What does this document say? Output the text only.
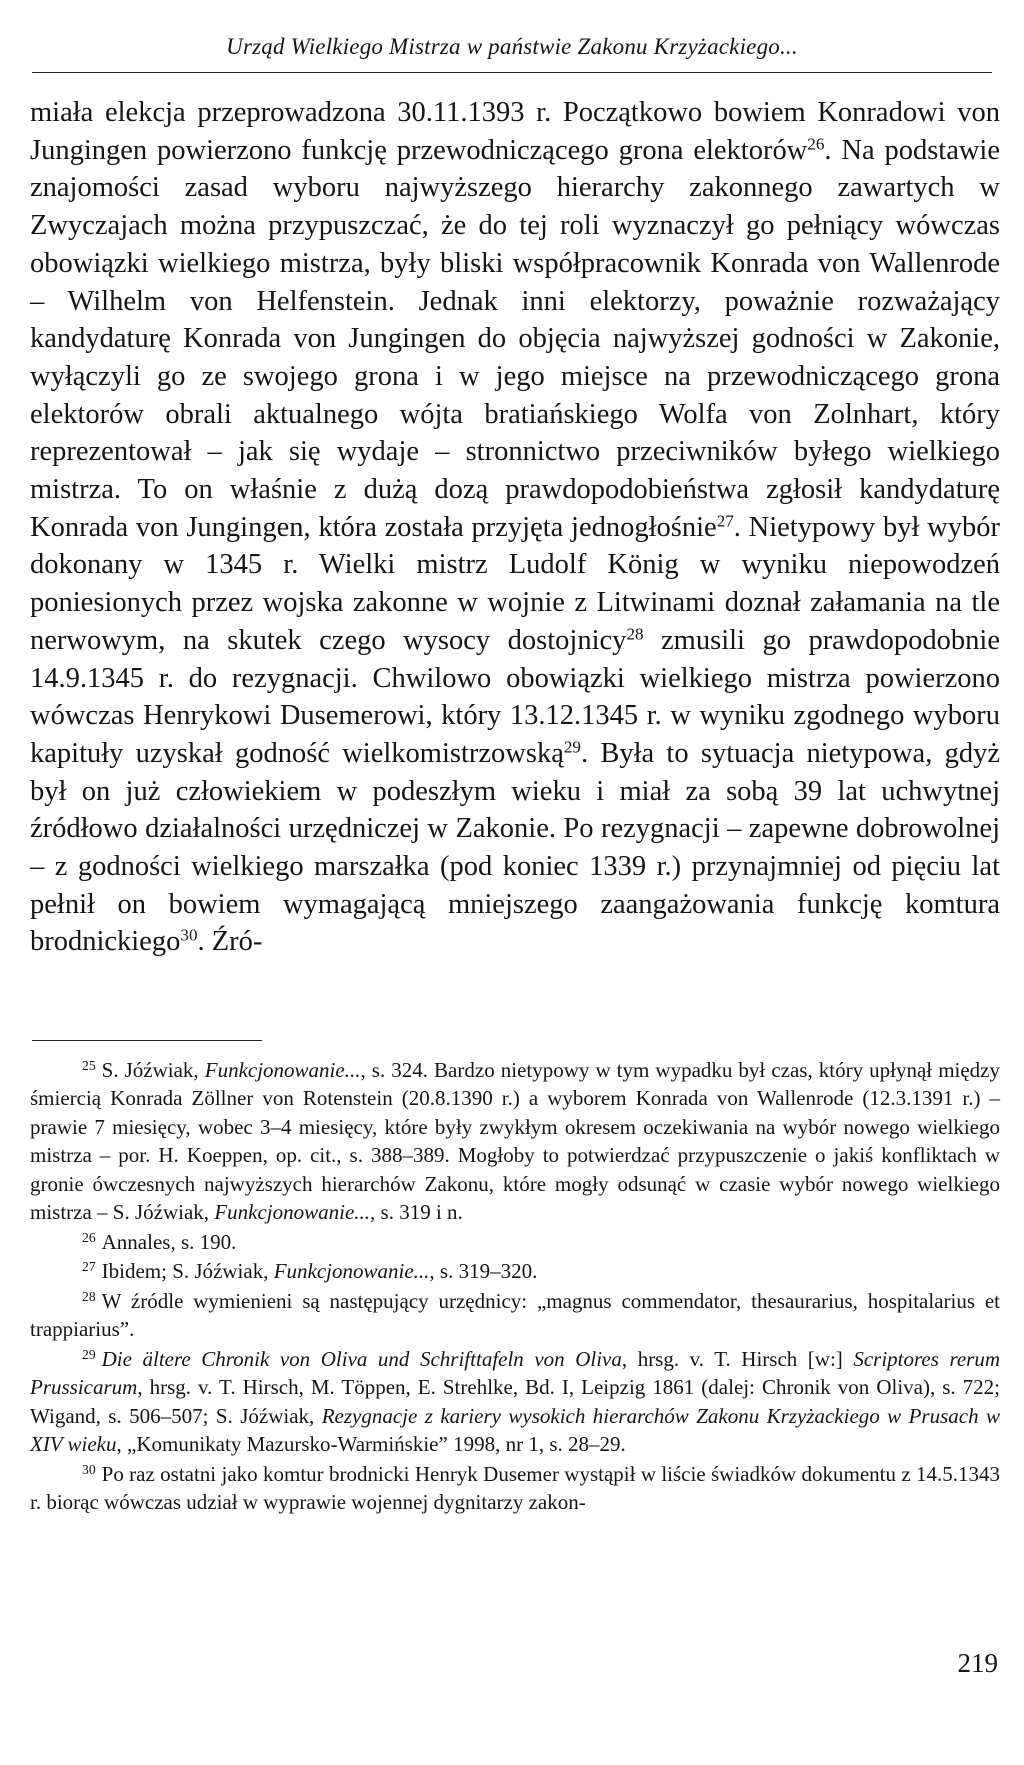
Urząd Wielkiego Mistrza w państwie Zakonu Krzyżackiego...
miała elekcja przeprowadzona 30.11.1393 r. Początkowo bowiem Konradowi von Jungingen powierzono funkcję przewodniczącego grona elektorów$^{26}$. Na podstawie znajomości zasad wyboru najwyższego hierarchy zakonnego zawartych w Zwyczajach można przypuszczać, że do tej roli wyznaczył go pełniący wówczas obowiązki wielkiego mistrza, były bliski współpracownik Konrada von Wallenrode – Wilhelm von Helfenstein. Jednak inni elektorzy, poważnie rozważający kandydaturę Konrada von Jungingen do objęcia najwyższej godności w Zakonie, wyłączyli go ze swojego grona i w jego miejsce na przewodniczącego grona elektorów obrali aktualnego wójta bratiańskiego Wolfa von Zolnhart, który reprezentował – jak się wydaje – stronnictwo przeciwników byłego wielkiego mistrza. To on właśnie z dużą dozą prawdopodobieństwa zgłosił kandydaturę Konrada von Jungingen, która została przyjęta jednogłośnie$^{27}$. Nietypowy był wybór dokonany w 1345 r. Wielki mistrz Ludolf König w wyniku niepowodzeń poniesionych przez wojska zakonne w wojnie z Litwinami doznał załamania na tle nerwowym, na skutek czego wysocy dostojnicy$^{28}$ zmusili go prawdopodobnie 14.9.1345 r. do rezygnacji. Chwilowo obowiązki wielkiego mistrza powierzono wówczas Henrykowi Dusemerowi, który 13.12.1345 r. w wyniku zgodnego wyboru kapituły uzyskał godność wielkomistrzowską$^{29}$. Była to sytuacja nietypowa, gdyż był on już człowiekiem w podeszłym wieku i miał za sobą 39 lat uchwytnej źródłowo działalności urzędniczej w Zakonie. Po rezygnacji – zapewne dobrowolnej – z godności wielkiego marszałka (pod koniec 1339 r.) przynajmniej od pięciu lat pełnił on bowiem wymagającą mniejszego zaangażowania funkcję komtura brodnickiego$^{30}$. Źró-

$^{25}$ S. Jóźwiak, Funkcjonowanie..., s. 324. Bardzo nietypowy w tym wypadku był czas, który upłynął między śmiercią Konrada Zöllner von Rotenstein (20.8.1390 r.) a wyborem Konrada von Wallenrode (12.3.1391 r.) – prawie 7 miesięcy, wobec 3–4 miesięcy, które były zwykłym okresem oczekiwania na wybór nowego wielkiego mistrza – por. H. Koeppen, op. cit., s. 388–389. Mogłoby to potwierdzać przypuszczenie o jakiś konfliktach w gronie ówczesnych najwyższych hierarchów Zakonu, które mogły odsunąć w czasie wybór nowego wielkiego mistrza – S. Jóźwiak, Funkcjonowanie..., s. 319 i n.

$^{26}$ Annales, s. 190.

$^{27}$ Ibidem; S. Jóźwiak, Funkcjonowanie..., s. 319–320.

$^{28}$ W źródle wymienieni są następujący urzędnicy: „magnus commendator, thesaurarius, hospitalarius et trappiarius”.

$^{29}$ Die ältere Chronik von Oliva und Schrifttafeln von Oliva, hrsg. v. T. Hirsch [w:] Scriptores rerum Prussicarum, hrsg. v. T. Hirsch, M. Töppen, E. Strehlke, Bd. I, Leipzig 1861 (dalej: Chronik von Oliva), s. 722; Wigand, s. 506–507; S. Jóźwiak, Rezygnacje z kariery wysokich hierarchów Zakonu Krzyżackiego w Prusach w XIV wieku, „Komunikaty Mazursko-Warmińskie” 1998, nr 1, s. 28–29.

$^{30}$ Po raz ostatni jako komtur brodnicki Henryk Dusemer wystąpił w liście świadków dokumentu z 14.5.1343 r. biorąc wówczas udział w wyprawie wojennej dygnitarzy zakon-

219
